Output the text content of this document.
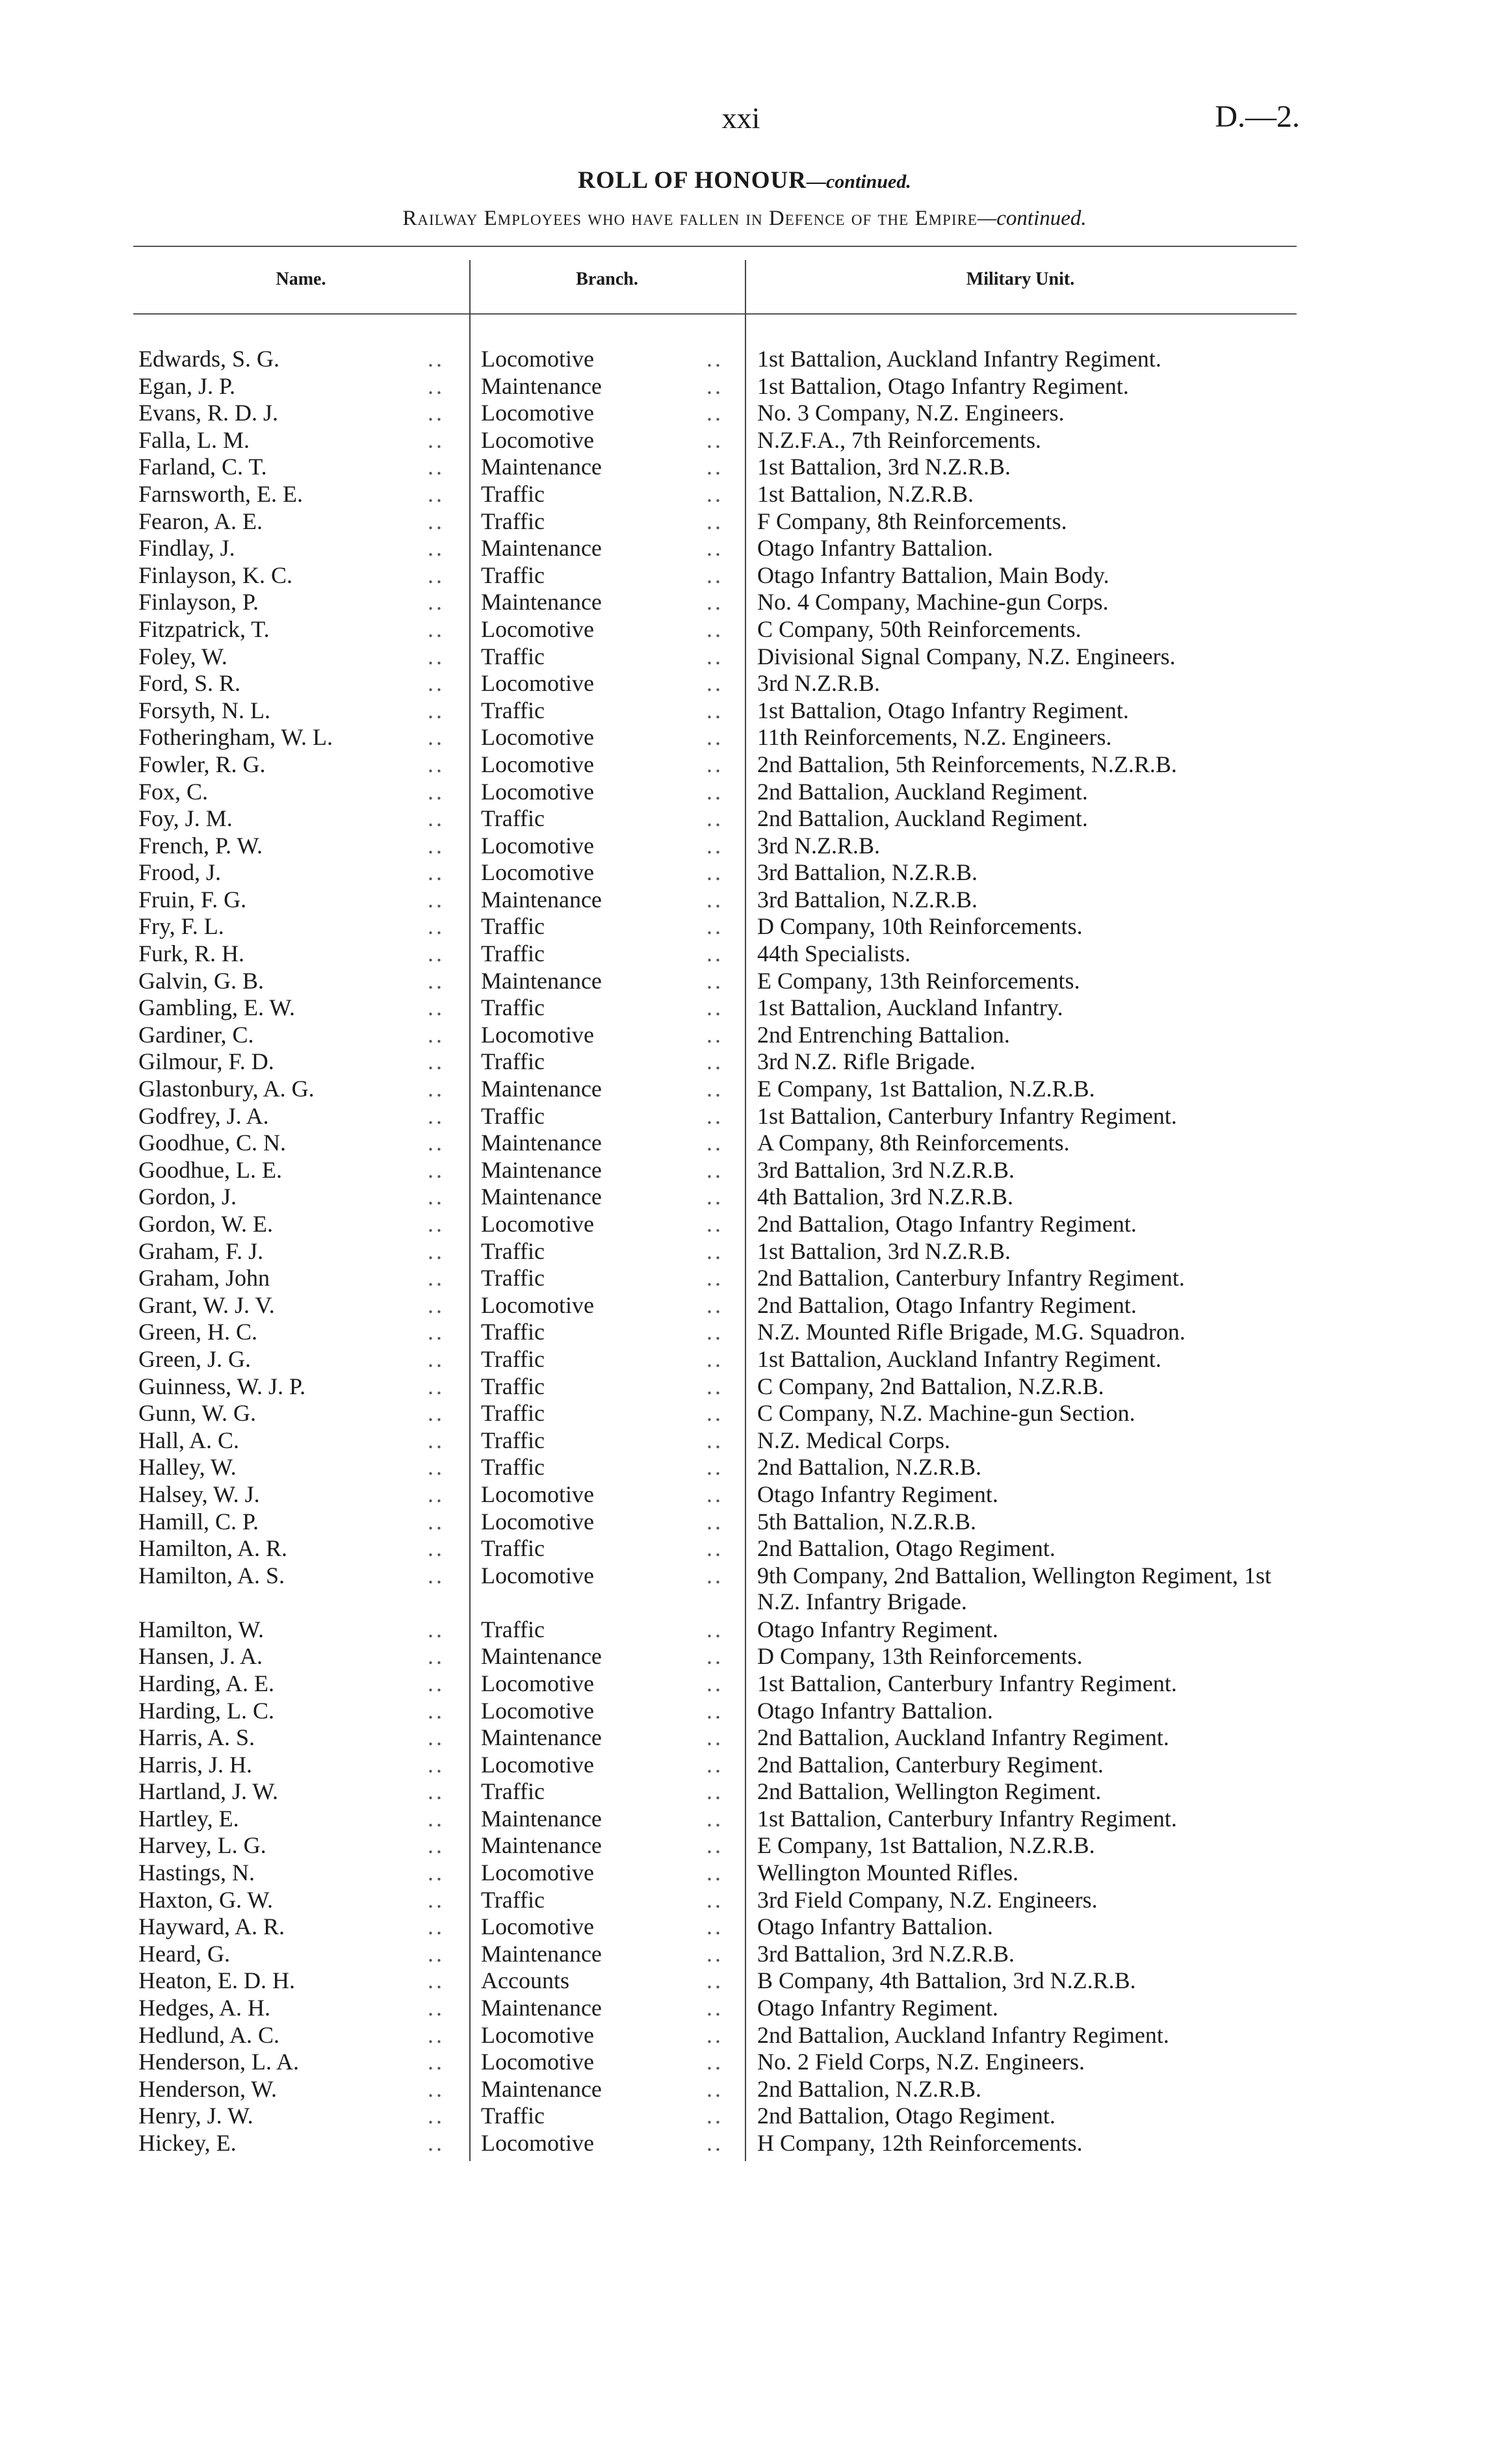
xxi	D.—2.
ROLL OF HONOUR—continued.
Railway Employees who have fallen in Defence of the Empire—continued.
Name.	Branch.	Military Unit.
Edwards, S. G.	.. Locomotive	.. 1st Battalion, Auckland Infantry Regiment.
Egan, J. P.	.. Maintenance	.. 1st Battalion, Otago Infantry Regiment.
Evans, R. D. J.	.. Locomotive	.. No. 3 Company, N.Z. Engineers.
Falla, L. M.	.. Locomotive	.. N.Z.F.A., 7th Reinforcements.
Farland, C. T.	.. Maintenance	.. 1st Battalion, 3rd N.Z.R.B.
Farnsworth, E. E.	.. Traffic	.. 1st Battalion, N.Z.R.B.
Fearon, A. E.	.. Traffic	.. F Company, 8th Reinforcements.
Findlay, J.	.. Maintenance	.. Otago Infantry Battalion.
Finlayson, K. C.	.. Traffic	.. Otago Infantry Battalion, Main Body.
Finlayson, P.	.. Maintenance	.. No. 4 Company, Machine-gun Corps.
Fitzpatrick, T.	.. Locomotive	.. C Company, 50th Reinforcements.
Foley, W.	.. Traffic	.. Divisional Signal Company, N.Z. Engineers.
Ford, S. R.	.. Locomotive	.. 3rd N.Z.R.B.
Forsyth, N. L.	.. Traffic	.. 1st Battalion, Otago Infantry Regiment.
Fotheringham, W. L.	.. Locomotive	.. 11th Reinforcements, N.Z. Engineers.
Fowler, R. G.	.. Locomotive	.. 2nd Battalion, 5th Reinforcements, N.Z.R.B.
Fox, C.	.. Locomotive	.. 2nd Battalion, Auckland Regiment.
Foy, J. M.	.. Traffic	.. 2nd Battalion, Auckland Regiment.
French, P. W.	.. Locomotive	.. 3rd N.Z.R.B.
Frood, J.	.. Locomotive	.. 3rd Battalion, N.Z.R.B.
Fruin, F. G.	.. Maintenance	.. 3rd Battalion, N.Z.R.B.
Fry, F. L.	.. Traffic	.. D Company, 10th Reinforcements.
Furk, R. H.	.. Traffic	.. 44th Specialists.
Galvin, G. B.	.. Maintenance	.. E Company, 13th Reinforcements.
Gambling, E. W.	.. Traffic	.. 1st Battalion, Auckland Infantry.
Gardiner, C.	.. Locomotive	.. 2nd Entrenching Battalion.
Gilmour, F. D.	.. Traffic	.. 3rd N.Z. Rifle Brigade.
Glastonbury, A. G.	.. Maintenance	.. E Company, 1st Battalion, N.Z.R.B.
Godfrey, J. A.	.. Traffic	.. 1st Battalion, Canterbury Infantry Regiment.
Goodhue, C. N.	.. Maintenance	.. A Company, 8th Reinforcements.
Goodhue, L. E.	.. Maintenance	.. 3rd Battalion, 3rd N.Z.R.B.
Gordon, J.	.. Maintenance	.. 4th Battalion, 3rd N.Z.R.B.
Gordon, W. E.	.. Locomotive	.. 2nd Battalion, Otago Infantry Regiment.
Graham, F. J.	.. Traffic	.. 1st Battalion, 3rd N.Z.R.B.
Graham, John	.. Traffic	.. 2nd Battalion, Canterbury Infantry Regiment.
Grant, W. J. V.	.. Locomotive	.. 2nd Battalion, Otago Infantry Regiment.
Green, H. C.	.. Traffic	.. N.Z. Mounted Rifle Brigade, M.G. Squadron.
Green, J. G.	.. Traffic	.. 1st Battalion, Auckland Infantry Regiment.
Guinness, W. J. P.	.. Traffic	.. C Company, 2nd Battalion, N.Z.R.B.
Gunn, W. G.	.. Traffic	.. C Company, N.Z. Machine-gun Section.
Hall, A. C.	.. Traffic	.. N.Z. Medical Corps.
Halley, W.	.. Traffic	.. 2nd Battalion, N.Z.R.B.
Halsey, W. J.	.. Locomotive	.. Otago Infantry Regiment.
Hamill, C. P.	.. Locomotive	.. 5th Battalion, N.Z.R.B.
Hamilton, A. R.	.. Traffic	.. 2nd Battalion, Otago Regiment.
Hamilton, A. S.	.. Locomotive	.. 9th Company, 2nd Battalion, Wellington Regiment, 1st N.Z. Infantry Brigade.
Hamilton, W.	.. Traffic	.. Otago Infantry Regiment.
Hansen, J. A.	.. Maintenance	.. D Company, 13th Reinforcements.
Harding, A. E.	.. Locomotive	.. 1st Battalion, Canterbury Infantry Regiment.
Harding, L. C.	.. Locomotive	.. Otago Infantry Battalion.
Harris, A. S.	.. Maintenance	.. 2nd Battalion, Auckland Infantry Regiment.
Harris, J. H.	.. Locomotive	.. 2nd Battalion, Canterbury Regiment.
Hartland, J. W.	.. Traffic	.. 2nd Battalion, Wellington Regiment.
Hartley, E.	.. Maintenance	.. 1st Battalion, Canterbury Infantry Regiment.
Harvey, L. G.	.. Maintenance	.. E Company, 1st Battalion, N.Z.R.B.
Hastings, N.	.. Locomotive	.. Wellington Mounted Rifles.
Haxton, G. W.	.. Traffic	.. 3rd Field Company, N.Z. Engineers.
Hayward, A. R.	.. Locomotive	.. Otago Infantry Battalion.
Heard, G.	.. Maintenance	.. 3rd Battalion, 3rd N.Z.R.B.
Heaton, E. D. H.	.. Accounts	.. B Company, 4th Battalion, 3rd N.Z.R.B.
Hedges, A. H.	.. Maintenance	.. Otago Infantry Regiment.
Hedlund, A. C.	.. Locomotive	.. 2nd Battalion, Auckland Infantry Regiment.
Henderson, L. A.	.. Locomotive	.. No. 2 Field Corps, N.Z. Engineers.
Henderson, W.	.. Maintenance	.. 2nd Battalion, N.Z.R.B.
Henry, J. W.	.. Traffic	.. 2nd Battalion, Otago Regiment.
Hickey, E.	.. Locomotive	.. H Company, 12th Reinforcements.
